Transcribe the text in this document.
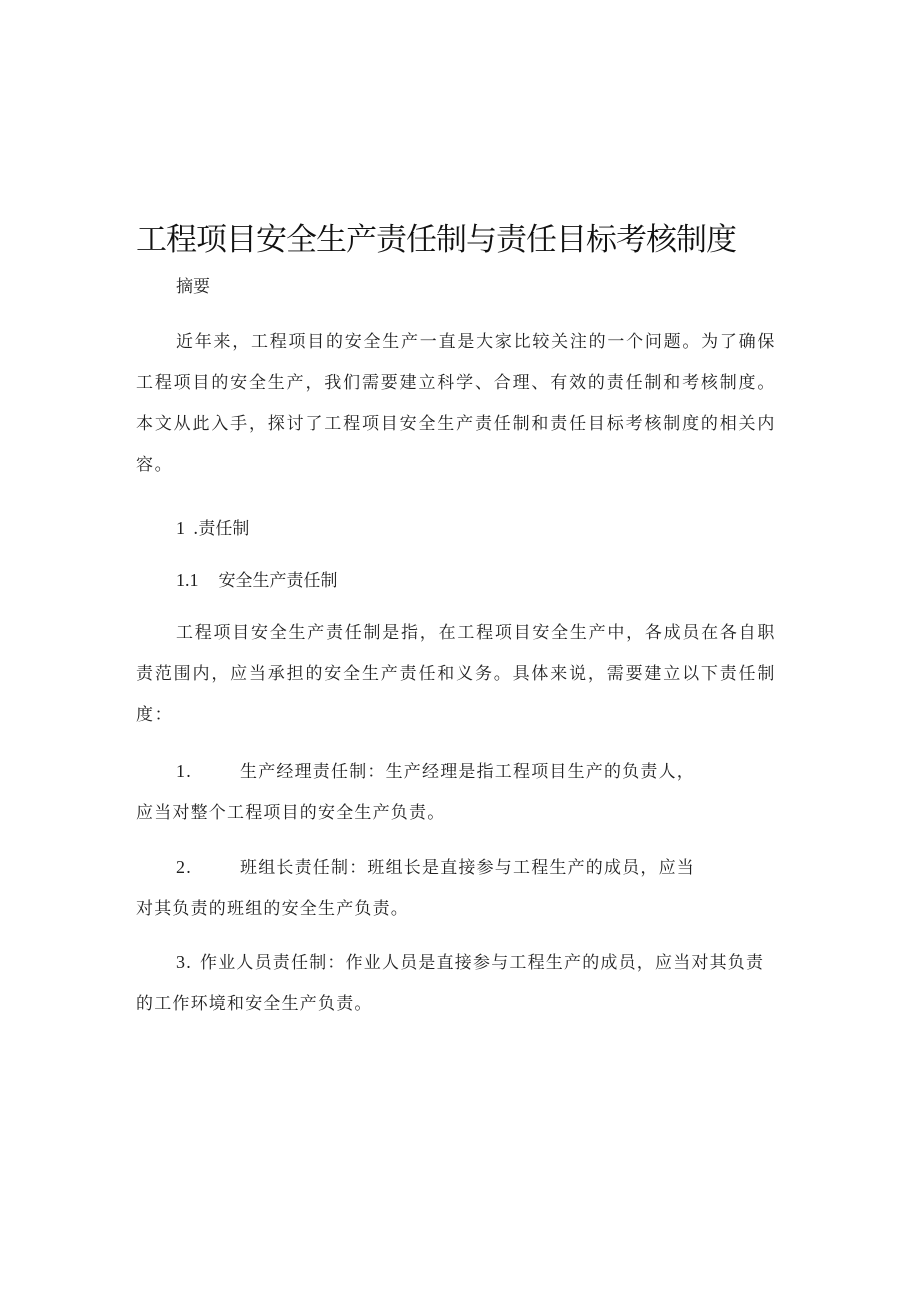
工程项目安全生产责任制与责任目标考核制度
摘要
近年来，工程项目的安全生产一直是大家比较关注的一个问题。为了确保工程项目的安全生产，我们需要建立科学、合理、有效的责任制和考核制度。本文从此入手，探讨了工程项目安全生产责任制和责任目标考核制度的相关内容。
1 .责任制
1.1 安全生产责任制
工程项目安全生产责任制是指，在工程项目安全生产中，各成员在各自职责范围内，应当承担的安全生产责任和义务。具体来说，需要建立以下责任制度：
1.	生产经理责任制：生产经理是指工程项目生产的负责人，
应当对整个工程项目的安全生产负责。
2.	班组长责任制：班组长是直接参与工程生产的成员，应当
对其负责的班组的安全生产负责。
3. 作业人员责任制：作业人员是直接参与工程生产的成员，应当对其负责
的工作环境和安全生产负责。
